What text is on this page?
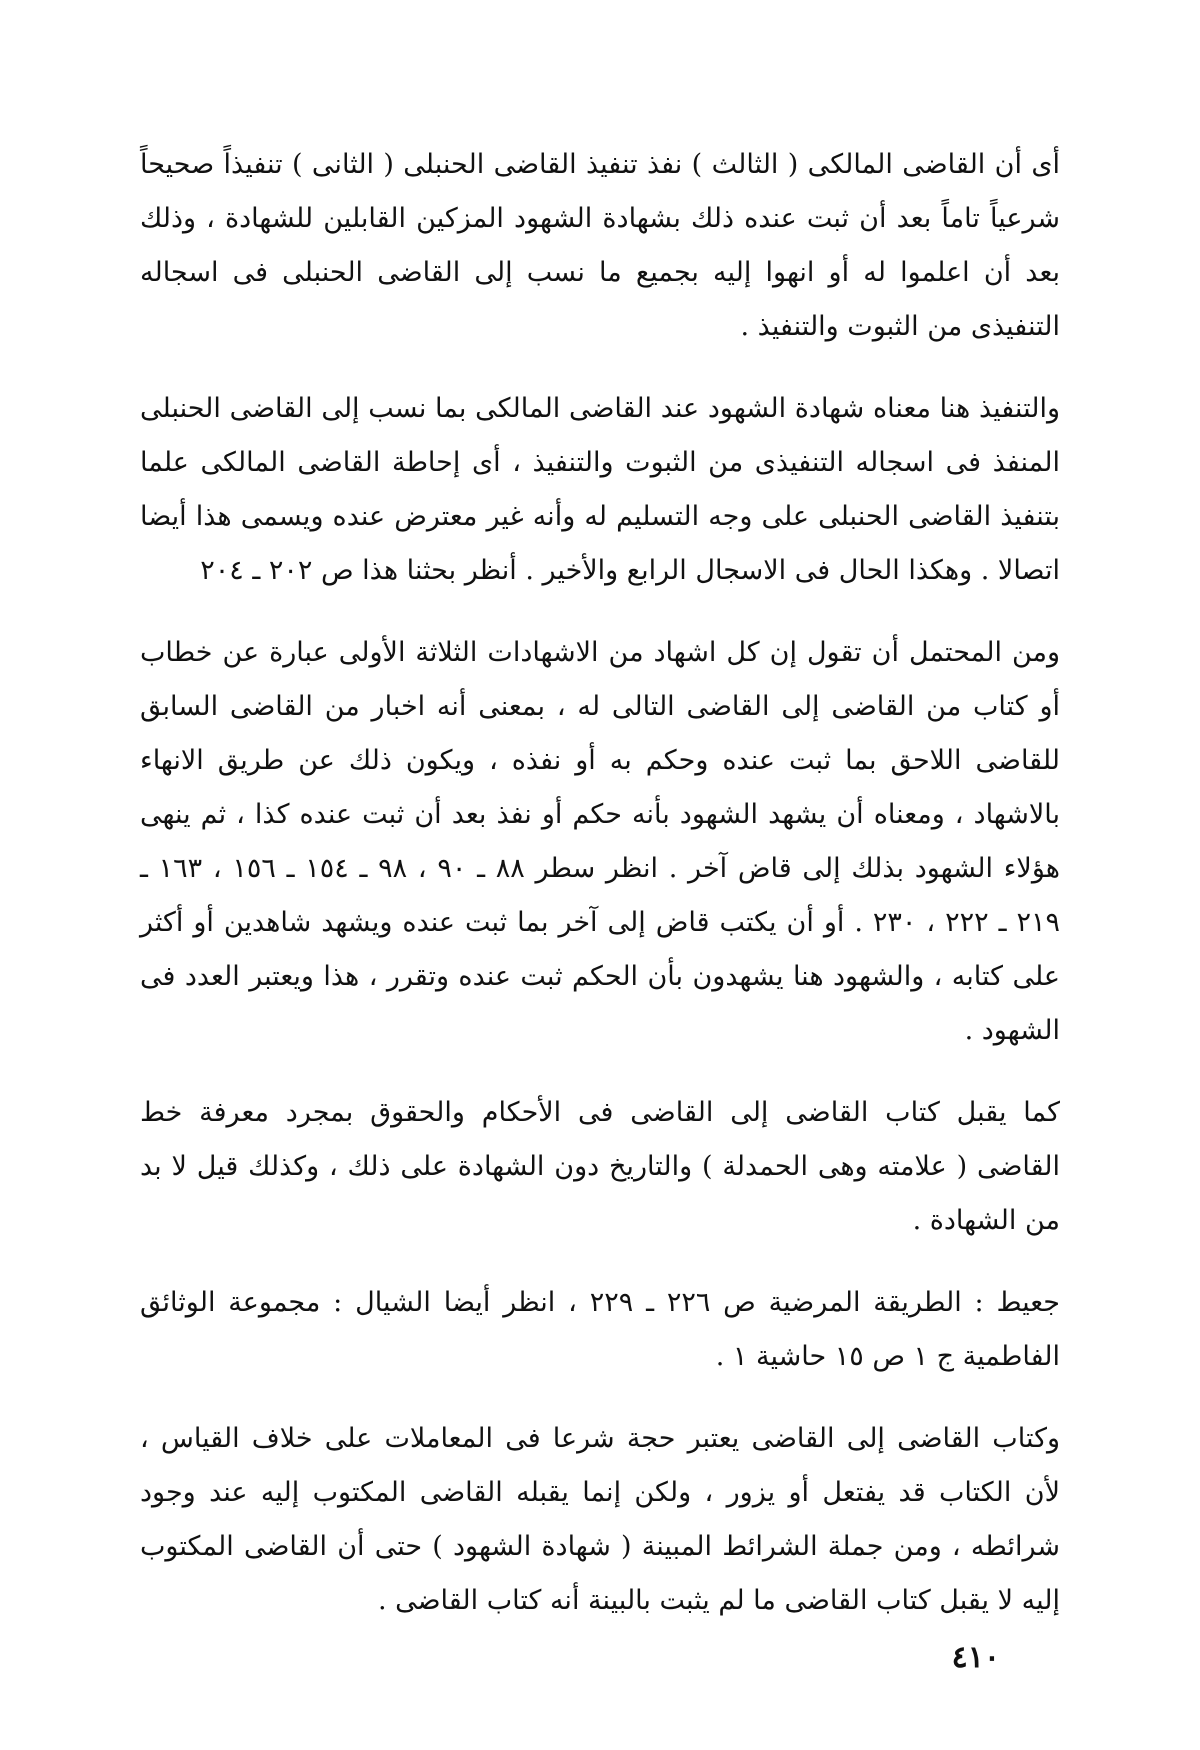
أى أن القاضى المالكى ( الثالث ) نفذ تنفيذ القاضى الحنبلى ( الثانى ) تنفيذاً صحيحاً شرعياً تاماً بعد أن ثبت عنده ذلك بشهادة الشهود المزكين القابلين للشهادة ، وذلك بعد أن اعلموا له أو انهوا إليه بجميع ما نسب إلى القاضى الحنبلى فى اسجاله التنفيذى من الثبوت والتنفيذ .

والتنفيذ هنا معناه شهادة الشهود عند القاضى المالكى بما نسب إلى القاضى الحنبلى المنفذ فى اسجاله التنفيذى من الثبوت والتنفيذ ، أى إحاطة القاضى المالكى علما بتنفيذ القاضى الحنبلى على وجه التسليم له وأنه غير معترض عنده ويسمى هذا أيضا اتصالا . وهكذا الحال فى الاسجال الرابع والأخير . أنظر بحثنا هذا ص ٢٠٢ ـ ٢٠٤

ومن المحتمل أن تقول إن كل اشهاد من الاشهادات الثلاثة الأولى عبارة عن خطاب أو كتاب من القاضى إلى القاضى التالى له ، بمعنى أنه اخبار من القاضى السابق للقاضى اللاحق بما ثبت عنده وحكم به أو نفذه ، ويكون ذلك عن طريق الانهاء بالاشهاد ، ومعناه أن يشهد الشهود بأنه حكم أو نفذ بعد أن ثبت عنده كذا ، ثم ينهى هؤلاء الشهود بذلك إلى قاض آخر . انظر سطر ٨٨ ـ ٩٠ ، ٩٨ ـ ١٥٤ ـ ١٥٦ ، ١٦٣ ـ ٢١٩ ـ ٢٢٢ ، ٢٣٠ . أو أن يكتب قاض إلى آخر بما ثبت عنده ويشهد شاهدين أو أكثر على كتابه ، والشهود هنا يشهدون بأن الحكم ثبت عنده وتقرر ، هذا ويعتبر العدد فى الشهود .

كما يقبل كتاب القاضى إلى القاضى فى الأحكام والحقوق بمجرد معرفة خط القاضى ( علامته وهى الحمدلة ) والتاريخ دون الشهادة على ذلك ، وكذلك قيل لا بد من الشهادة .

جعيط : الطريقة المرضية ص ٢٢٦ ـ ٢٢٩ ، انظر أيضا الشيال : مجموعة الوثائق الفاطمية ج ١ ص ١٥ حاشية ١ .

وكتاب القاضى إلى القاضى يعتبر حجة شرعا فى المعاملات على خلاف القياس ، لأن الكتاب قد يفتعل أو يزور ، ولكن إنما يقبله القاضى المكتوب إليه عند وجود شرائطه ، ومن جملة الشرائط المبينة ( شهادة الشهود ) حتى أن القاضى المكتوب إليه لا يقبل كتاب القاضى ما لم يثبت بالبينة أنه كتاب القاضى .

٤١٠
